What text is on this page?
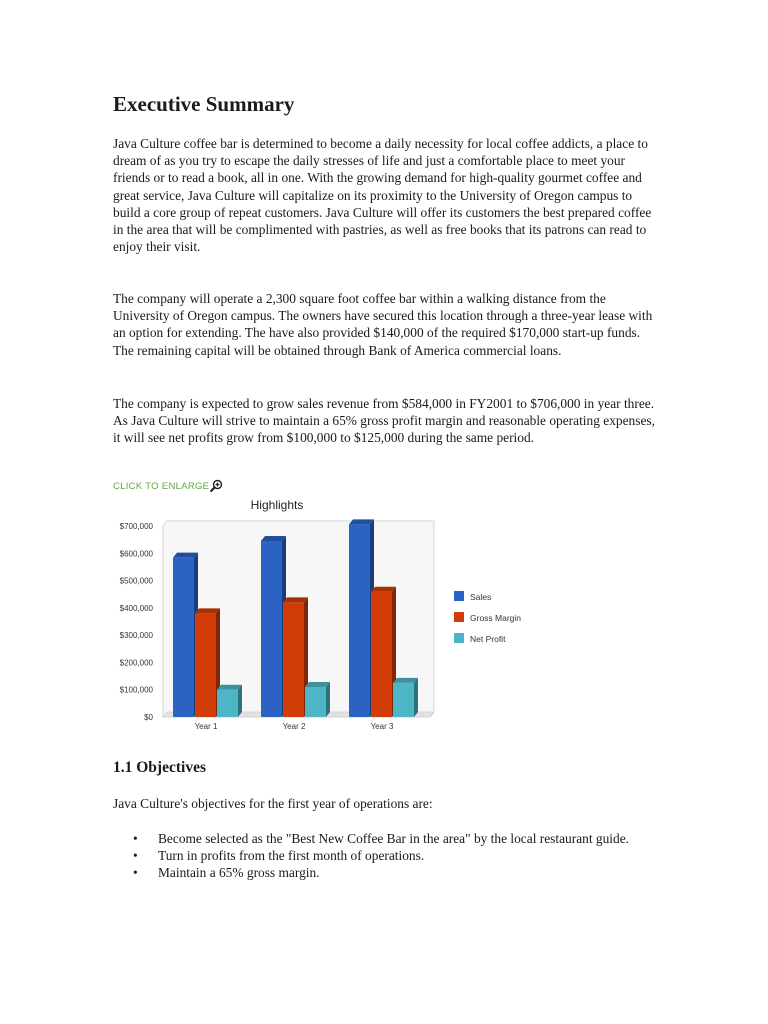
Executive Summary

Java Culture coffee bar is determined to become a daily necessity for local coffee addicts, a place to dream of as you try to escape the daily stresses of life and just a comfortable place to meet your friends or to read a book, all in one. With the growing demand for high-quality gourmet coffee and great service, Java Culture will capitalize on its proximity to the University of Oregon campus to build a core group of repeat customers. Java Culture will offer its customers the best prepared coffee in the area that will be complimented with pastries, as well as free books that its patrons can read to enjoy their visit.

The company will operate a 2,300 square foot coffee bar within a walking distance from the University of Oregon campus. The owners have secured this location through a three-year lease with an option for extending. The have also provided $140,000 of the required $170,000 start-up funds. The remaining capital will be obtained through Bank of America commercial loans.

The company is expected to grow sales revenue from $584,000 in FY2001 to $706,000 in year three. As Java Culture will strive to maintain a 65% gross profit margin and reasonable operating expenses, it will see net profits grow from $100,000 to $125,000 during the same period.

CLICK TO ENLARGE
Highlights
$0
$100,000
$200,000
$300,000
$400,000
$500,000
$600,000
$700,000
Year 1	Year 2	Year 3
Sales
Gross Margin
Net Profit
1.1 Objectives

Java Culture's objectives for the first year of operations are:

• Become selected as the "Best New Coffee Bar in the area" by the local restaurant guide.
• Turn in profits from the first month of operations.
• Maintain a 65% gross margin.
